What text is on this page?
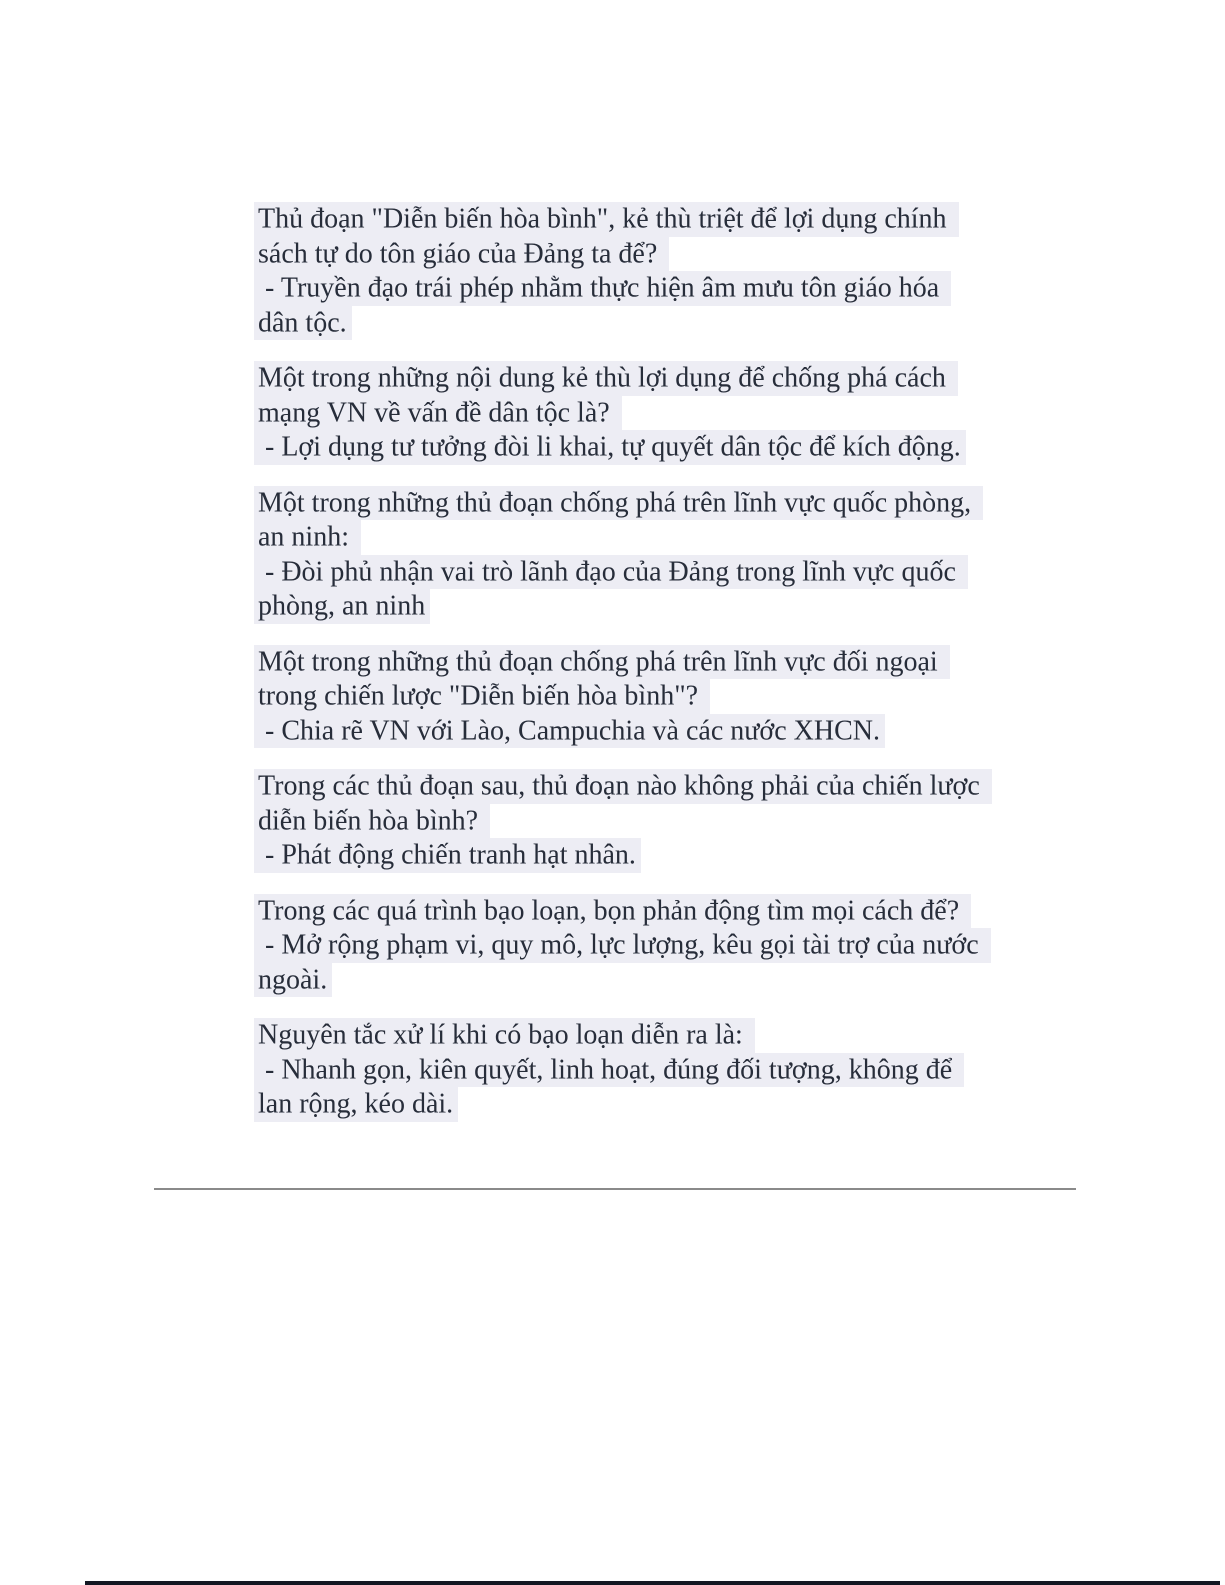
Thủ đoạn "Diễn biến hòa bình", kẻ thù triệt để lợi dụng chính
sách tự do tôn giáo của Đảng ta để?
- Truyền đạo trái phép nhằm thực hiện âm mưu tôn giáo hóa
dân tộc.
Một trong những nội dung kẻ thù lợi dụng để chống phá cách
mạng VN về vấn đề dân tộc là?
- Lợi dụng tư tưởng đòi li khai, tự quyết dân tộc để kích động.
Một trong những thủ đoạn chống phá trên lĩnh vực quốc phòng,
an ninh:
- Đòi phủ nhận vai trò lãnh đạo của Đảng trong lĩnh vực quốc
phòng, an ninh
Một trong những thủ đoạn chống phá trên lĩnh vực đối ngoại
trong chiến lược "Diễn biến hòa bình"?
- Chia rẽ VN với Lào, Campuchia và các nước XHCN.
Trong các thủ đoạn sau, thủ đoạn nào không phải của chiến lược
diễn biến hòa bình?
- Phát động chiến tranh hạt nhân.
Trong các quá trình bạo loạn, bọn phản động tìm mọi cách để?
- Mở rộng phạm vi, quy mô, lực lượng, kêu gọi tài trợ của nước
ngoài.
Nguyên tắc xử lí khi có bạo loạn diễn ra là:
- Nhanh gọn, kiên quyết, linh hoạt, đúng đối tượng, không để
lan rộng, kéo dài.
